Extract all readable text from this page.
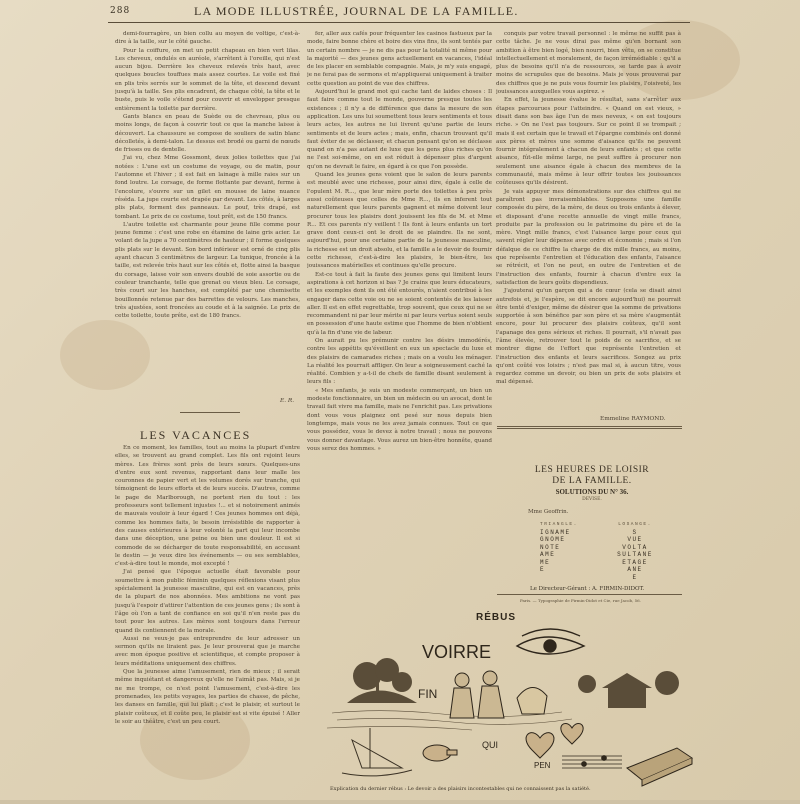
288	LA MODE ILLUSTRÉE, JOURNAL DE LA FAMILLE.

demi-fourragère, un bien collu au moyen de voltige, c'est-à-dire à la taille, sur le côté gauche.

Pour la coiffure, on met un petit chapeau en bien vert lilas. Les cheveux, ondulés en auréole, s'arrêtent à l'oreille, qui n'est aucun bijou. Derrière les cheveux relevés très haut, avec quelques boucles touffues mais assez courtes. Le voile est fixé en plis très serrés sur le sommet de la tête, et descend devant jusqu'à la taille. Ses plis encadrent, de chaque côté, la tête et le buste, puis le voile s'étend pour couvrir et envelopper presque entièrement la toilette par derrière.

Gants blancs en peau de Suède ou de chevreau, plus ou moins longs, de façon à couvrir tout ce que la manche laisse à découvert. La chaussure se compose de souliers de satin blanc décolletés, à demi-talon. Le dessus est brodé ou garni de nœuds de frisses ou de dentelle.

J'ai vu, chez Mme Gossmont, deux jolies toilettes que j'ai notées : L'une est un costume de voyage, ou de matin, pour l'automne et l'hiver ; il est fait en lainage à mille raies sur un fond loutre. Le corsage, de forme flottante par devant, ferme à l'encolure, s'ouvre sur un gilet en mousse de laine nuance réséda. La jupe courte est drapée par devant. Les côtés, à larges plis plats, forment des panneaux. Le pouf, très drapé, est tombant. Le prix de ce costume, tout prêt, est de 150 francs.

L'autre toilette est charmante pour jeune fille comme pour jeune femme : c'est une robe en étamine de laine gris acier. Le volant de la jupe a 70 centimètres de hauteur ; il forme quelques plis plats sur le devant. Son bord inférieur est orné de cinq plis ayant chacun 3 centimètres de largeur. La tunique, froncée à la taille, est relevée très haut sur les côtés et, flotte ainsi la basque du corsage, laisse voir son envers doublé de soie assortie ou de couleur tranchante, telle que grenat ou vieux bleu. Le corsage, très court sur les hanches, est complété par une chemisette bouillonnée retenue par des barrettes de velours. Les manches, très ajustées, sont froncées au coude et à la saignée. Le prix de cette toilette, toute prête, est de 180 francs.

E. R.
LES VACANCES

En ce moment, les familles, tout au moins la plupart d'entre elles, se trouvent au grand complet. Les fils ont rejoint leurs mères. Les frères sont près de leurs sœurs. Quelques-uns d'entre eux sont revenus, rapportant dans leur malle les couronnes de papier vert et les volumes dorés sur tranche, qui témoignent de leurs efforts et de leurs succès. D'autres, comme le page de Marlborough, ne portent rien du tout : les professeurs sont tellement injustes !... et si notoirement animés de mauvais vouloir à leur égard ! Ces jeunes hommes ont déjà, comme les hommes faits, le besoin irrésistible de rapporter à des causes extérieures à leur volonté la part qui leur incombe dans une déception, une peine ou bien une douleur. Il est si commode de se décharger de toute responsabilité, en accusant le destin — je veux dire les événements — ou ses semblables, c'est-à-dire tout le monde, moi excepté !

J'ai pensé que l'époque actuelle était favorable pour soumettre à mon public féminin quelques réflexions visant plus spécialement la jeunesse masculine, qui est en vacances, près de la plupart de nos abonnées. Mes ambitions ne vont pas jusqu'à l'espoir d'attirer l'attention de ces jeunes gens ; ils sont à l'âge où l'on a tant de confiance en soi qu'il n'en reste pas du tout pour les autres. Les mères sont toujours dans l'erreur quand ils contiennent de la morale.

Aussi ne veux-je pas entreprendre de leur adresser un sermon qu'ils ne liraient pas. Je leur prouverai que je marche avec mon époque positive et scientifique, et compte proposer à leurs méditations uniquement des chiffres.

Que la jeunesse aime l'amusement, rien de mieux ; il serait même inquiétant et dangereux qu'elle ne l'aimât pas. Mais, si je ne me trompe, ce n'est point l'amusement, c'est-à-dire les promenades, les petits voyages, les parties de chasse, de pêche, les danses en famille, qui lui plait ; c'est le plaisir, et surtout le plaisir coûteux, et il coûte peu, le plaisir est si vite épuisé ! Aller le soir au théâtre, c'est un peu court.

fer, aller aux cafés pour fréquenter les casinos fastueux par la mode, faire bonne chère et boire des vins fins, ils sont tentés par un certain nombre — je ne dis pas pour la totalité ni même pour la majorité — des jeunes gens actuellement en vacances, l'idéal de les placer en semblable compagnie. Mais, je m'y suis engagé, je ne ferai pas de sermons et m'appliquerai uniquement à traiter cette question au point de vue des chiffres.

Aujourd'hui le grand mot qui cache tant de laides choses : Il faut faire comme tout le monde, gouverne presque toutes les existences ; il n'y a de différence que dans la mesure de son application. Les uns lui soumettent tous leurs sentiments et tous leurs actes, les autres ne lui livrent qu'une partie de leurs sentiments et de leurs actes ; mais, enfin, chacun trouvant qu'il faut éviter de se déclasser, et chacun pensant qu'on se déclasse quand on n'a pas autant de luxe que les gens plus riches qu'on ne l'est soi-même, on en est réduit à dépenser plus d'argent qu'on ne devrait le faire, en égard à ce que l'on possède.

Quand les jeunes gens voient que le salon de leurs parents est meublé avec une richesse, pour ainsi dire, égale à celle de l'opulent M. R..., que leur mère porte des toilettes à peu près aussi coûteuses que celles de Mme R..., ils en inferent tout naturellement que leurs parents gagnent et même doivent leur procurer tous les plaisirs dont jouissent les fils de M. et Mme R... Et ces parents n'y veillent ! Ils font à leurs enfants un tort grave dont ceux-ci ont le droit de se plaindre. Ils ne sont, aujourd'hui, pour une certaine partie de la jeunesse masculine, la richesse est un droit absolu, et la famille a le devoir de fournir cette richesse, c'est-à-dire les plaisirs, le bien-être, les jouissances matérielles et continues qu'elle procure.

Est-ce tout à fait la faute des jeunes gens qui limitent leurs aspirations à cet horizon si bas ? Je crains que leurs éducateurs, et les exemples dont ils ont été entourés, n'aient contribué à les engager dans cette voie ou ne se soient contentés de les laisser aller. Il est en effet regrettable, trop souvent, que ceux qui ne se recommandent ni par leur mérite ni par leurs vertus soient seuls en possession d'une haute estime que l'homme de bien n'obtient qu'à la fin d'une vie de labeur.

On aurait pu les prémunir contre les désirs immodérés, contre les appétits qu'éveillent en eux un spectacle du luxe et des plaisirs de camarades riches ; mais on a voulu les ménager. La réalité les pourrait affliger. On leur a soigneusement caché la réalité. Combien y a-t-il de chefs de famille disant seulement à leurs fils :

« Mes enfants, je suis un modeste commerçant, un bien un modeste fonctionnaire, un bien un médecin ou un avocat, dont le travail fait vivre ma famille, mais ne l'enrichit pas. Les privations dont vous vous plaignez ont pesé sur nous depuis bien longtemps, mais vous ne les avez jamais connues. Tout ce que vous possédez, vous le devez à notre travail ; nous ne pouvons vous donner davantage. Vous aurez un bien-être honnête, quand vous serez des hommes. »

conquis par votre travail personnel : le même ne suffit pas à cette tâche. Je ne vous dirai pas même qu'en bornant son ambition à être bien logé, bien nourri, bien vêtu, on se constitue intellectuellement et moralement, de façon irrémédiable : qu'il a plus de besoins qu'il n'a de ressources, se tarde pas à avoir moins de scrupules que de besoins. Mais je vous prouverai par des chiffres que je ne puis vous fournir les plaisirs, l'oisiveté, les jouissances auxquelles vous aspirez. »

En effet, la jeunesse évalue le résultat, sans s'arrêter aux étapes parcourues pour l'atteindre. « Quand on est vieux, » disait dans son bas âge l'un de mes neveux, « on est toujours riche. » On ne l'est pas toujours. Sur ce point il se trompait ; mais il est certain que le travail et l'épargne combinés ont donné aux pères et mères une somme d'aisance qu'ils ne peuvent fournir intégralement à chacun de leurs enfants ; et que cette aisance, fût-elle même large, ne peut suffire à procurer non seulement une aisance égale à chacun des membres de la communauté, mais même à leur offrir toutes les jouissances coûteuses qu'ils désirent.

Je vais appuyer mes démonstrations sur des chiffres qui ne paraîtront pas invraisemblables. Supposons une famille composée du père, de la mère, de deux ou trois enfants à élever, et disposant d'une recette annuelle de vingt mille francs, produite par la profession ou le patrimoine du père et de la mère. Vingt mille francs, c'est l'aisance large pour ceux qui savent régler leur dépense avec ordre et économie ; mais si l'on défalque de ce chiffre la charge de dix mille francs, au moins, que représente l'entretien et l'éducation des enfants, l'aisance se rétrécit, et l'on ne peut, en outre de l'entretien et de l'instruction des enfants, fournir à chacun d'entre eux la satisfaction de leurs goûts dispendieux.

J'ajouterai qu'un garçon qui a de cœur (cela se disait ainsi autrefois et, je l'espère, se dit encore aujourd'hui) ne pourrait être tenté d'exiger, même de désirer que la somme de privations supportée à son bénéfice par son père et sa mère s'augmentât encore, pour lui procurer des plaisirs coûteux, qu'il sont l'apanage des gens sérieux et riches. Il pourrait, s'il n'avait pas l'âme élevée, retrouver tout le poids de ce sacrifice, et se montrer digne de l'effort que représente l'entretien et l'instruction des enfants et leurs sacrifices. Songez au prix qu'ont coûté vos loisirs ; n'est pas mal si, à aucun titre, vous regardez comme un devoir, ou bien un prix de sots plaisirs et mal dépensé.

Emmeline RAYMOND.
LES HEURES DE LOISIR
DE LA FAMILLE.
SOLUTIONS DU N° 36.
DEVISE.
Mme Geoffrin.
TRIANGLE.	LOSANGE.
IGNAME	S
GNOME	VUE
NOTE	VOLTA
AME	SULTANE
ME	ETAGE
E	ANE
E
Le Directeur-Gérant : A. FIRMIN-DIDOT.
Paris. — Typographie de Firmin-Didot et Cie, rue Jacob, 56.
RÉBUS
VOIRRE
FIN
QUI
PEN
Explication du dernier rébus : Le devoir a des plaisirs incontestables qui ne connaissent pas la satiété.
